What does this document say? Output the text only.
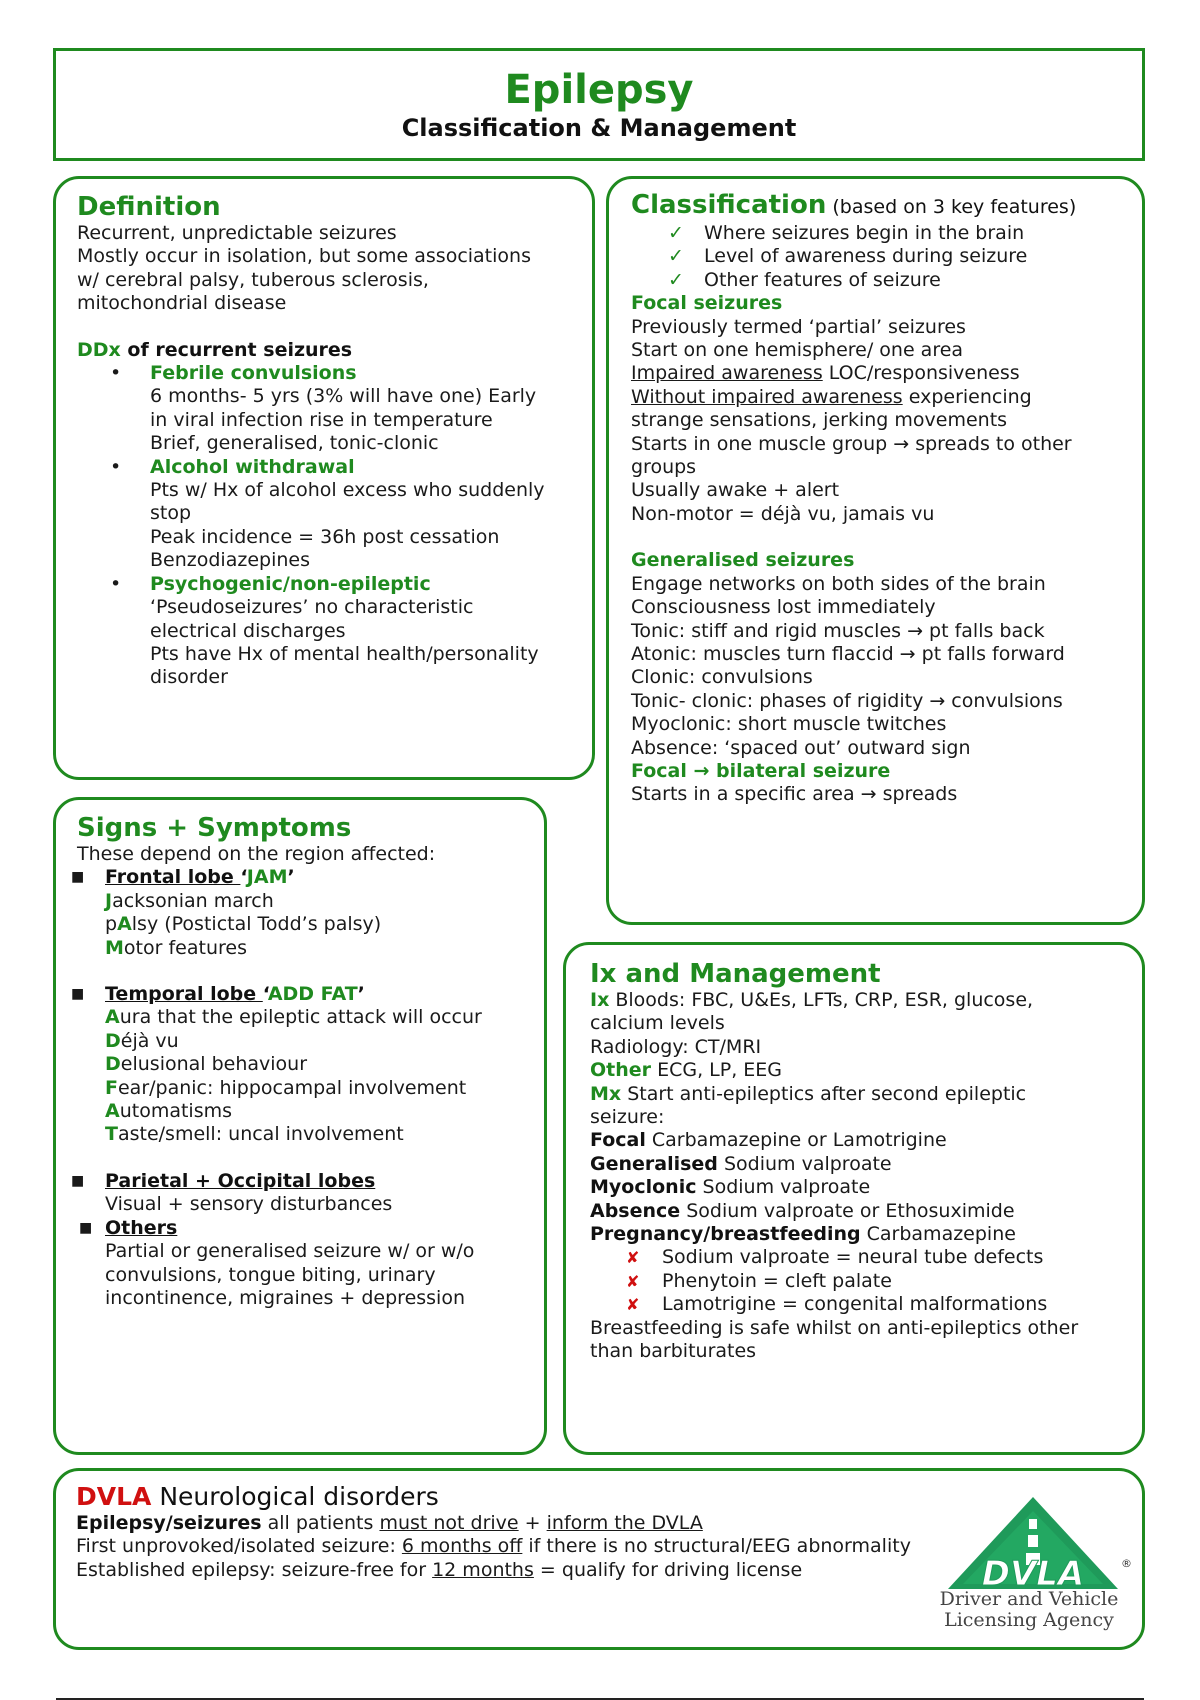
Epilepsy
Classification & Management
Definition
Recurrent, unpredictable seizures
Mostly occur in isolation, but some associations
w/ cerebral palsy, tuberous sclerosis,
mitochondrial disease
DDx of recurrent seizures
• Febrile convulsions
6 months- 5 yrs (3% will have one) Early
in viral infection rise in temperature
Brief, generalised, tonic-clonic
• Alcohol withdrawal
Pts w/ Hx of alcohol excess who suddenly
stop
Peak incidence = 36h post cessation
Benzodiazepines
• Psychogenic/non-epileptic
‘Pseudoseizures’ no characteristic
electrical discharges
Pts have Hx of mental health/personality
disorder
Classification (based on 3 key features)
✓ Where seizures begin in the brain
✓ Level of awareness during seizure
✓ Other features of seizure
Focal seizures
Previously termed ‘partial’ seizures
Start on one hemisphere/ one area
Impaired awareness LOC/responsiveness
Without impaired awareness experiencing
strange sensations, jerking movements
Starts in one muscle group → spreads to other
groups
Usually awake + alert
Non-motor = déjà vu, jamais vu
Generalised seizures
Engage networks on both sides of the brain
Consciousness lost immediately
Tonic: stiff and rigid muscles → pt falls back
Atonic: muscles turn flaccid → pt falls forward
Clonic: convulsions
Tonic- clonic: phases of rigidity → convulsions
Myoclonic: short muscle twitches
Absence: ‘spaced out’ outward sign
Focal → bilateral seizure
Starts in a specific area → spreads
Signs + Symptoms
These depend on the region affected:
■ Frontal lobe ‘JAM’
Jacksonian march
pAlsy (Postictal Todd’s palsy)
Motor features
■ Temporal lobe ‘ADD FAT’
Aura that the epileptic attack will occur
Déjà vu
Delusional behaviour
Fear/panic: hippocampal involvement
Automatisms
Taste/smell: uncal involvement
■ Parietal + Occipital lobes
Visual + sensory disturbances
■ Others
Partial or generalised seizure w/ or w/o
convulsions, tongue biting, urinary
incontinence, migraines + depression
Ix and Management
Ix Bloods: FBC, U&Es, LFTs, CRP, ESR, glucose,
calcium levels
Radiology: CT/MRI
Other ECG, LP, EEG
Mx Start anti-epileptics after second epileptic
seizure:
Focal Carbamazepine or Lamotrigine
Generalised Sodium valproate
Myoclonic Sodium valproate
Absence Sodium valproate or Ethosuximide
Pregnancy/breastfeeding Carbamazepine
✘ Sodium valproate = neural tube defects
✘ Phenytoin = cleft palate
✘ Lamotrigine = congenital malformations
Breastfeeding is safe whilst on anti-epileptics other
than barbiturates
DVLA Neurological disorders
Epilepsy/seizures all patients must not drive + inform the DVLA
First unprovoked/isolated seizure: 6 months off if there is no structural/EEG abnormality
Established epilepsy: seizure-free for 12 months = qualify for driving license	DVLA	®
Driver and Vehicle
Licensing Agency
